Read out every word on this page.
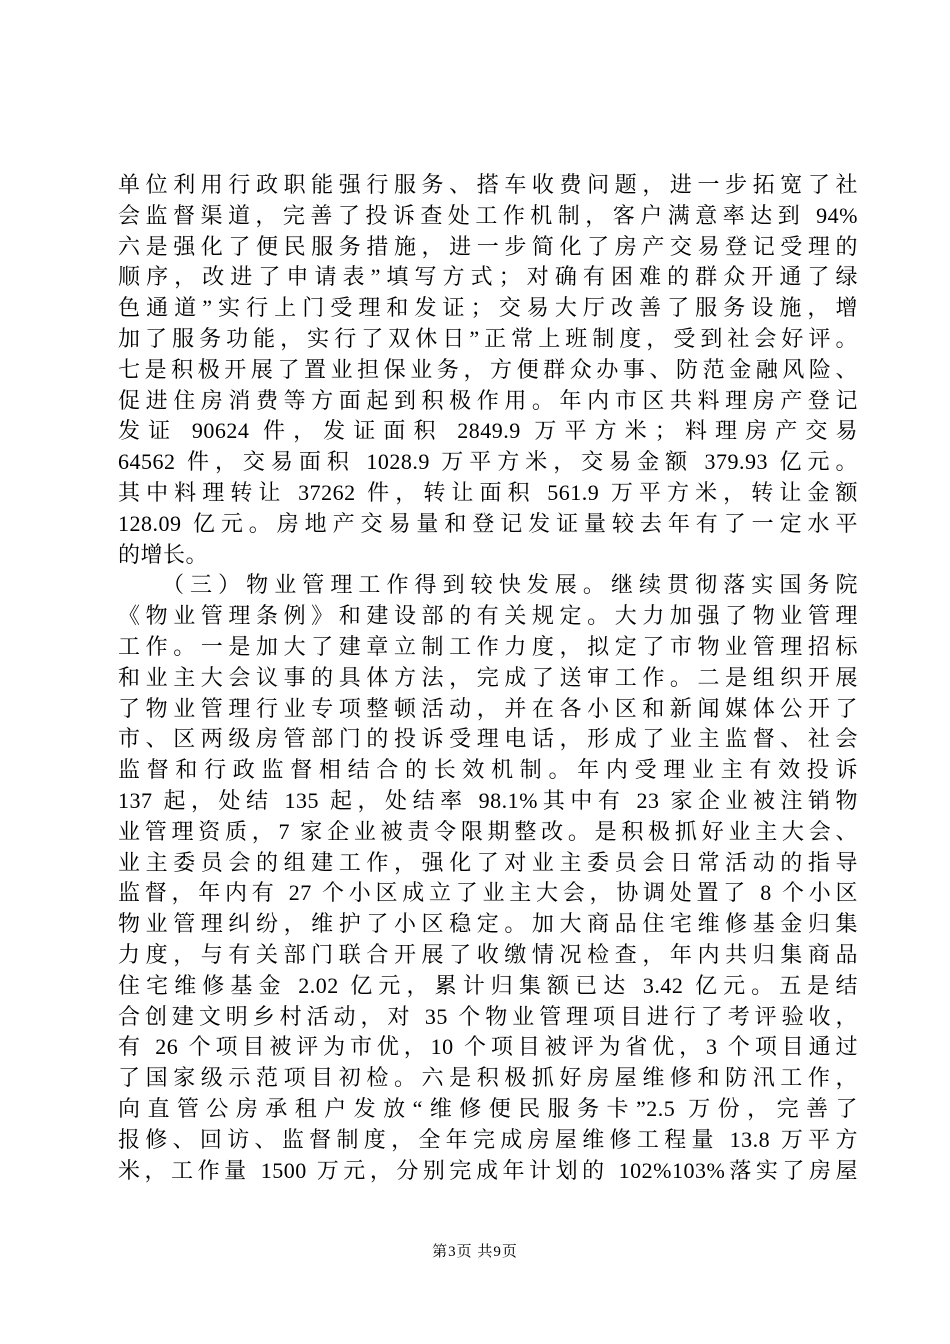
单位利用行政职能强行服务、搭车收费问题，进一步拓宽了社
会监督渠道，完善了投诉查处工作机制，客户满意率达到 94%
六是强化了便民服务措施，进一步简化了房产交易登记受理的
顺序，改进了申请表”填写方式；对确有困难的群众开通了绿
色通道”实行上门受理和发证；交易大厅改善了服务设施，增
加了服务功能，实行了双休日”正常上班制度，受到社会好评。
七是积极开展了置业担保业务，方便群众办事、防范金融风险、
促进住房消费等方面起到积极作用。年内市区共料理房产登记
发证 90624 件，发证面积 2849.9 万平方米；料理房产交易
64562 件，交易面积 1028.9 万平方米，交易金额 379.93 亿元。
其中料理转让 37262 件，转让面积 561.9 万平方米，转让金额
128.09 亿元。房地产交易量和登记发证量较去年有了一定水平
的增长。
（三）物业管理工作得到较快发展。继续贯彻落实国务院
《物业管理条例》和建设部的有关规定。大力加强了物业管理
工作。一是加大了建章立制工作力度，拟定了市物业管理招标
和业主大会议事的具体方法，完成了送审工作。二是组织开展
了物业管理行业专项整顿活动，并在各小区和新闻媒体公开了
市、区两级房管部门的投诉受理电话，形成了业主监督、社会
监督和行政监督相结合的长效机制。年内受理业主有效投诉
137 起，处结 135 起，处结率 98.1%其中有 23 家企业被注销物
业管理资质，7 家企业被责令限期整改。是积极抓好业主大会、
业主委员会的组建工作，强化了对业主委员会日常活动的指导
监督，年内有 27 个小区成立了业主大会，协调处置了 8 个小区
物业管理纠纷，维护了小区稳定。加大商品住宅维修基金归集
力度，与有关部门联合开展了收缴情况检查，年内共归集商品
住宅维修基金 2.02 亿元，累计归集额已达 3.42 亿元。五是结
合创建文明乡村活动，对 35 个物业管理项目进行了考评验收，
有 26 个项目被评为市优，10 个项目被评为省优，3 个项目通过
了国家级示范项目初检。六是积极抓好房屋维修和防汛工作，
向直管公房承租户发放“维修便民服务卡”2.5 万份，完善了
报修、回访、监督制度，全年完成房屋维修工程量 13.8 万平方
米，工作量 1500 万元，分别完成年计划的 102%103%落实了房屋
第3页 共9页
